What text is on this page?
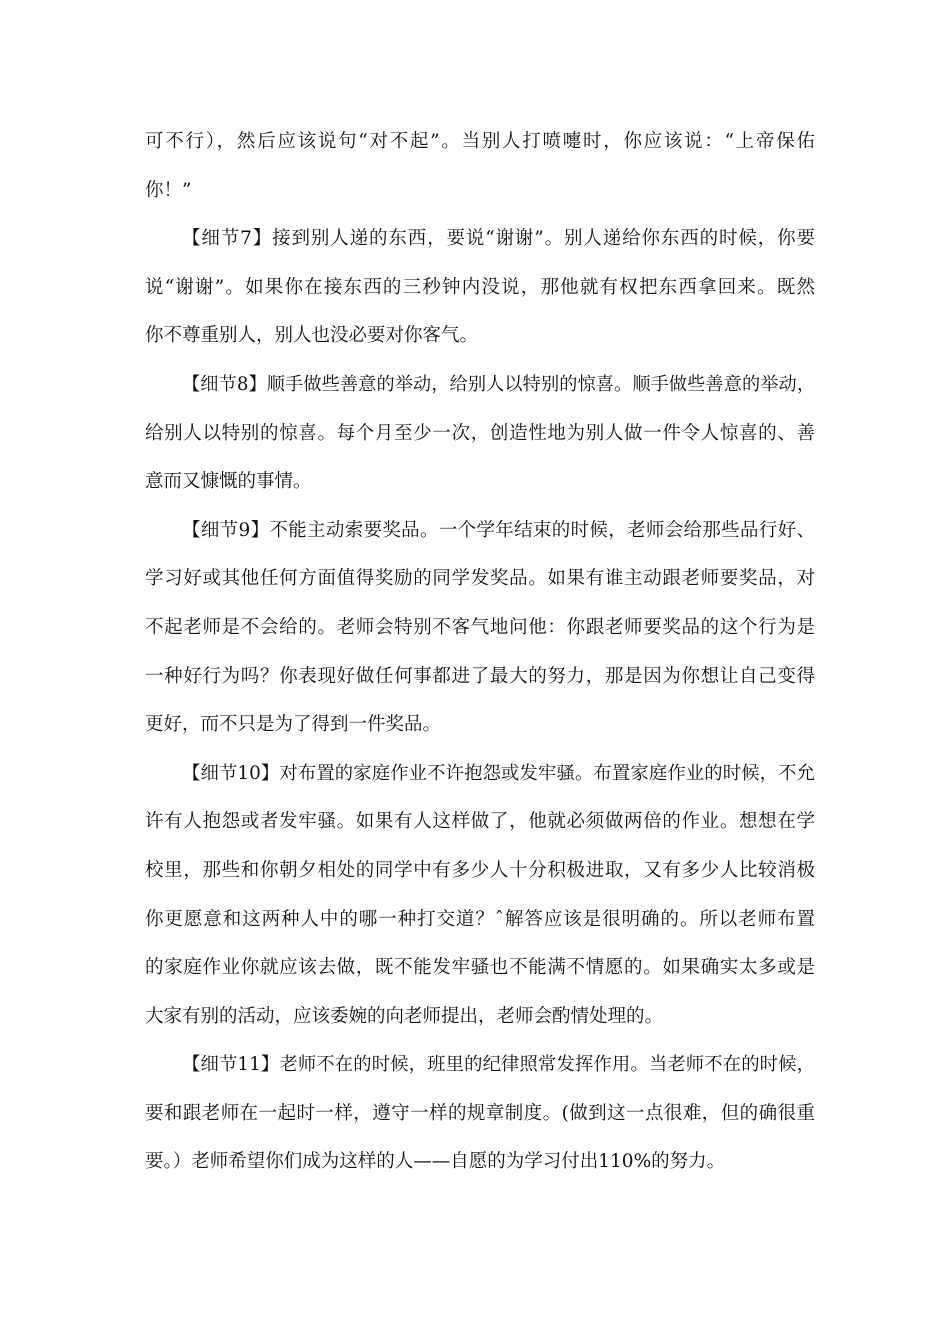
可不行），然后应该说句“对不起”。当别人打喷嚏时，你应该说：“上帝保佑
你！”
【细节7】接到别人递的东西，要说“谢谢”。别人递给你东西的时候，你要
说“谢谢”。如果你在接东西的三秒钟内没说，那他就有权把东西拿回来。既然
你不尊重别人，别人也没必要对你客气。
【细节8】顺手做些善意的举动，给别人以特别的惊喜。顺手做些善意的举动，
给别人以特别的惊喜。每个月至少一次，创造性地为别人做一件令人惊喜的、善
意而又慷慨的事情。
【细节9】不能主动索要奖品。一个学年结束的时候，老师会给那些品行好、
学习好或其他任何方面值得奖励的同学发奖品。如果有谁主动跟老师要奖品，对
不起老师是不会给的。老师会特别不客气地问他：你跟老师要奖品的这个行为是
一种好行为吗？你表现好做任何事都进了最大的努力，那是因为你想让自己变得
更好，而不只是为了得到一件奖品。
【细节10】对布置的家庭作业不许抱怨或发牢骚。布置家庭作业的时候，不允
许有人抱怨或者发牢骚。如果有人这样做了，他就必须做两倍的作业。想想在学
校里，那些和你朝夕相处的同学中有多少人十分积极进取，又有多少人比较消极
你更愿意和这两种人中的哪一种打交道？ˆ解答应该是很明确的。所以老师布置
的家庭作业你就应该去做，既不能发牢骚也不能满不情愿的。如果确实太多或是
大家有别的活动，应该委婉的向老师提出，老师会酌情处理的。
【细节11】老师不在的时候，班里的纪律照常发挥作用。当老师不在的时候，
要和跟老师在一起时一样，遵守一样的规章制度。(做到这一点很难，但的确很重
要。）老师希望你们成为这样的人——自愿的为学习付出110%的努力。
